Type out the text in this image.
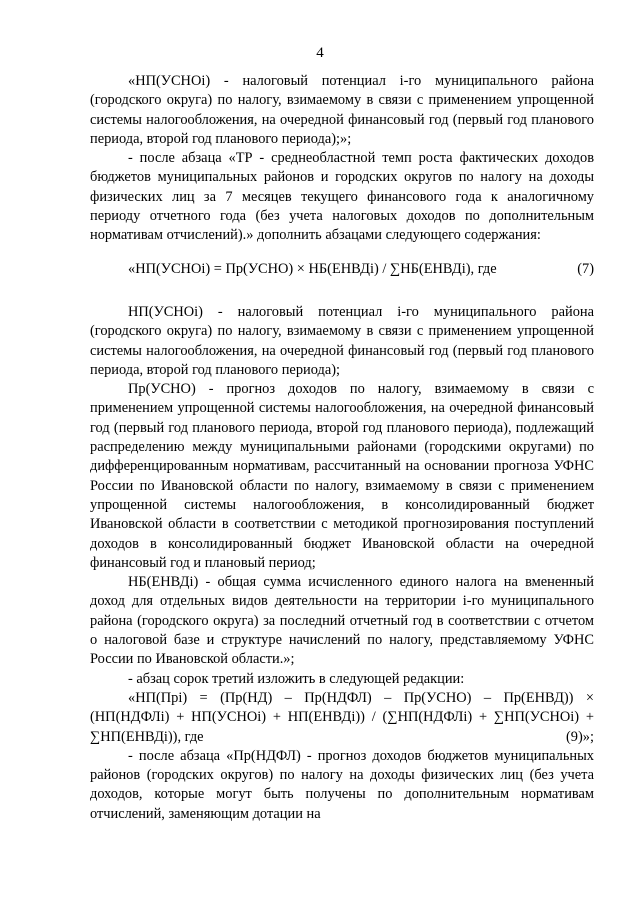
4

«НП(УСНОi) - налоговый потенциал i-го муниципального района (городского округа) по налогу, взимаемому в связи с применением упрощенной системы налогообложения, на очередной финансовый год (первый год планового периода, второй год планового периода);»;

- после абзаца «ТР - среднеобластной темп роста фактических доходов бюджетов муниципальных районов и городских округов по налогу на доходы физических лиц за 7 месяцев текущего финансового года к аналогичному периоду отчетного года (без учета налоговых доходов по дополнительным нормативам отчислений).» дополнить абзацами следующего содержания:

«НП(УСНОi) = Пр(УСНО) × НБ(ЕНВДi) / ∑НБ(ЕНВДi), где	(7)

НП(УСНОi) - налоговый потенциал i-го муниципального района (городского округа) по налогу, взимаемому в связи с применением упрощенной системы налогообложения, на очередной финансовый год (первый год планового периода, второй год планового периода);

Пр(УСНО) - прогноз доходов по налогу, взимаемому в связи с применением упрощенной системы налогообложения, на очередной финансовый год (первый год планового периода, второй год планового периода), подлежащий распределению между муниципальными районами (городскими округами) по дифференцированным нормативам, рассчитанный на основании прогноза УФНС России по Ивановской области по налогу, взимаемому в связи с применением упрощенной системы налогообложения, в консолидированный бюджет Ивановской области в соответствии с методикой прогнозирования поступлений доходов в консолидированный бюджет Ивановской области на очередной финансовый год и плановый период;

НБ(ЕНВДi) - общая сумма исчисленного единого налога на вмененный доход для отдельных видов деятельности на территории i-го муниципального района (городского округа) за последний отчетный год в соответствии с отчетом о налоговой базе и структуре начислений по налогу, представляемому УФНС России по Ивановской области.»;

- абзац сорок третий изложить в следующей редакции:

«НП(Прi) = (Пр(НД) – Пр(НДФЛ) – Пр(УСНО) – Пр(ЕНВД)) × (НП(НДФЛi) + НП(УСНОi) + НП(ЕНВДi)) / (∑НП(НДФЛi) + ∑НП(УСНОi) + ∑НП(ЕНВДi)), где	(9)»;

- после абзаца «Пр(НДФЛ) - прогноз доходов бюджетов муниципальных районов (городских округов) по налогу на доходы физических лиц (без учета доходов, которые могут быть получены по дополнительным нормативам отчислений, заменяющим дотации на
